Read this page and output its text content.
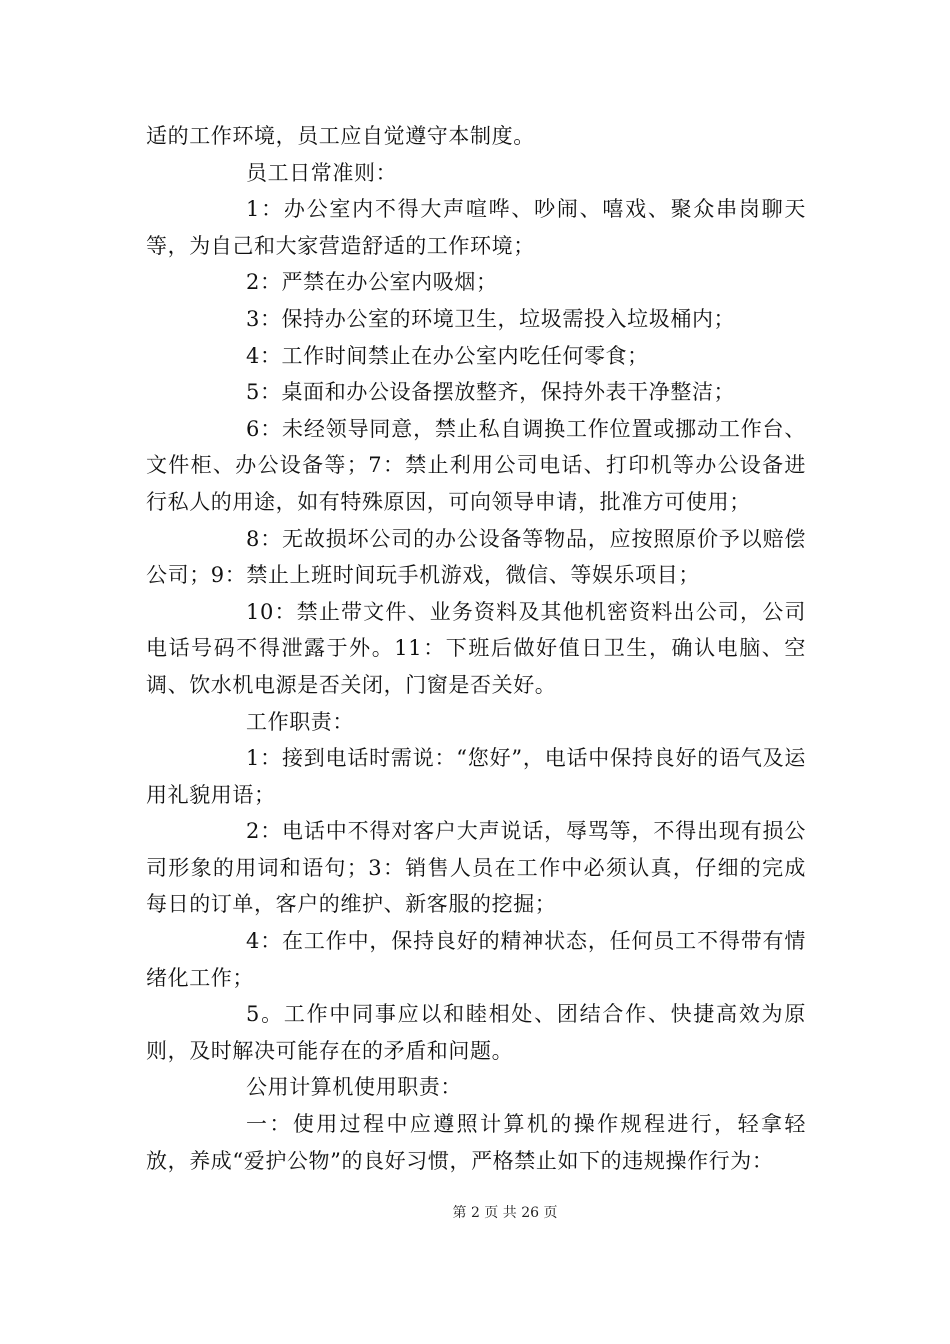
适的工作环境，员工应自觉遵守本制度。

员工日常准则：

1：办公室内不得大声喧哗、吵闹、嘻戏、聚众串岗聊天等，为自己和大家营造舒适的工作环境；

2：严禁在办公室内吸烟；

3：保持办公室的环境卫生，垃圾需投入垃圾桶内；

4：工作时间禁止在办公室内吃任何零食；

5：桌面和办公设备摆放整齐，保持外表干净整洁；

6：未经领导同意，禁止私自调换工作位置或挪动工作台、文件柜、办公设备等；7：禁止利用公司电话、打印机等办公设备进行私人的用途，如有特殊原因，可向领导申请，批准方可使用；

8：无故损坏公司的办公设备等物品，应按照原价予以赔偿公司；9：禁止上班时间玩手机游戏，微信、等娱乐项目；

10：禁止带文件、业务资料及其他机密资料出公司，公司电话号码不得泄露于外。11：下班后做好值日卫生，确认电脑、空调、饮水机电源是否关闭，门窗是否关好。

工作职责：

1：接到电话时需说：“您好”，电话中保持良好的语气及运用礼貌用语；

2：电话中不得对客户大声说话，辱骂等，不得出现有损公司形象的用词和语句；3：销售人员在工作中必须认真，仔细的完成每日的订单，客户的维护、新客服的挖掘；

4：在工作中，保持良好的精神状态，任何员工不得带有情绪化工作；

5。工作中同事应以和睦相处、团结合作、快捷高效为原则，及时解决可能存在的矛盾和问题。

公用计算机使用职责：

一：使用过程中应遵照计算机的操作规程进行，轻拿轻放，养成“爱护公物”的良好习惯，严格禁止如下的违规操作行为：

第 2 页 共 26 页
